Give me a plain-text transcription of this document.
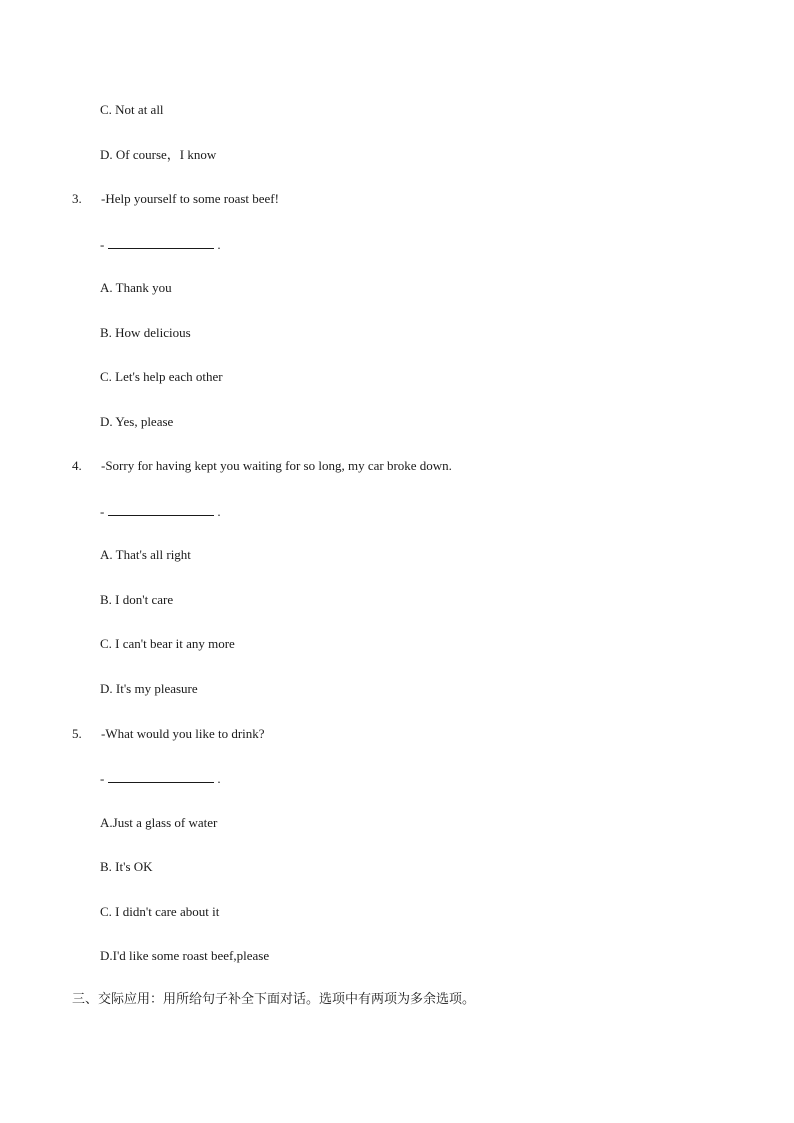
C. Not at all
D. Of course，I know
3. -Help yourself to some roast beef!
-	.
A. Thank you
B. How delicious
C. Let's help each other
D. Yes, please
4. -Sorry for having kept you waiting for so long, my car broke down.
-	.
A. That's all right
B. I don't care
C. I can't bear it any more
D. It's my pleasure
5. -What would you like to drink?
-	.
A.Just a glass of water
B. It's OK
C. I didn't care about it
D.I'd like some roast beef,please
三、交际应用：用所给句子补全下面对话。选项中有两项为多余选项。
